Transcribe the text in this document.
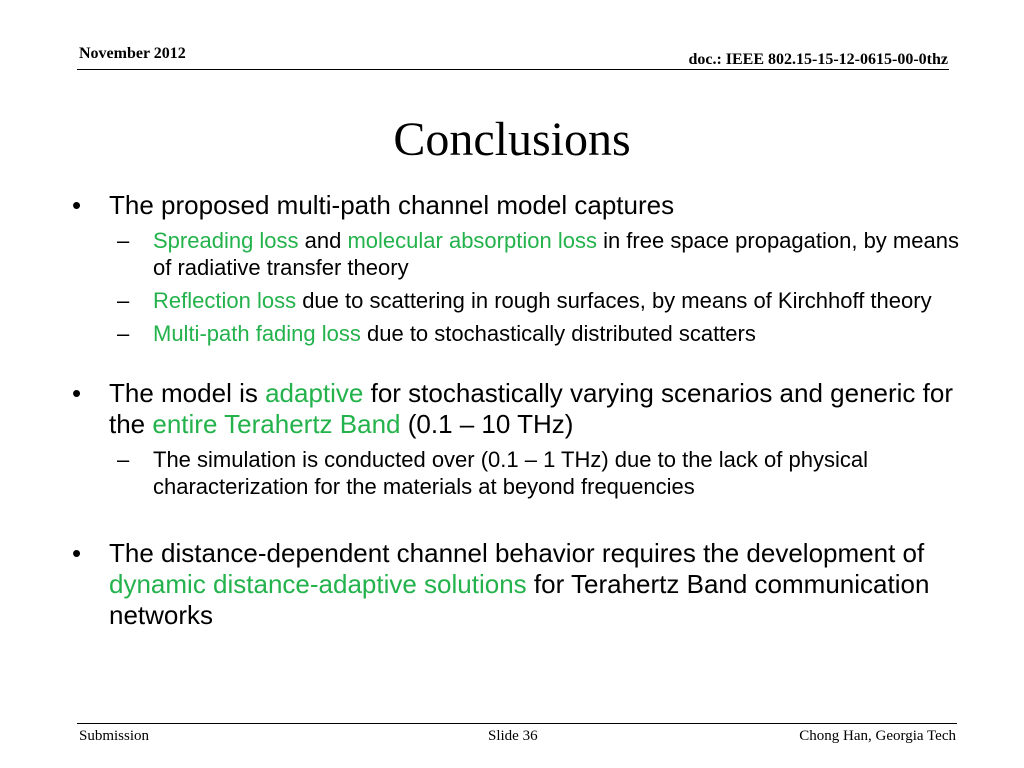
November 2012	doc.: IEEE 802.15-15-12-0615-00-0thz
Conclusions
• The proposed multi-path channel model captures
– Spreading loss and molecular absorption loss in free space propagation, by means of radiative transfer theory
– Reflection loss due to scattering in rough surfaces, by means of Kirchhoff theory
– Multi-path fading loss due to stochastically distributed scatters
• The model is adaptive for stochastically varying scenarios and generic for the entire Terahertz Band (0.1 – 10 THz)
– The simulation is conducted over (0.1 – 1 THz) due to the lack of physical characterization for the materials at beyond frequencies
• The distance-dependent channel behavior requires the development of dynamic distance-adaptive solutions for Terahertz Band communication networks
Submission	Slide 36	Chong Han, Georgia Tech
